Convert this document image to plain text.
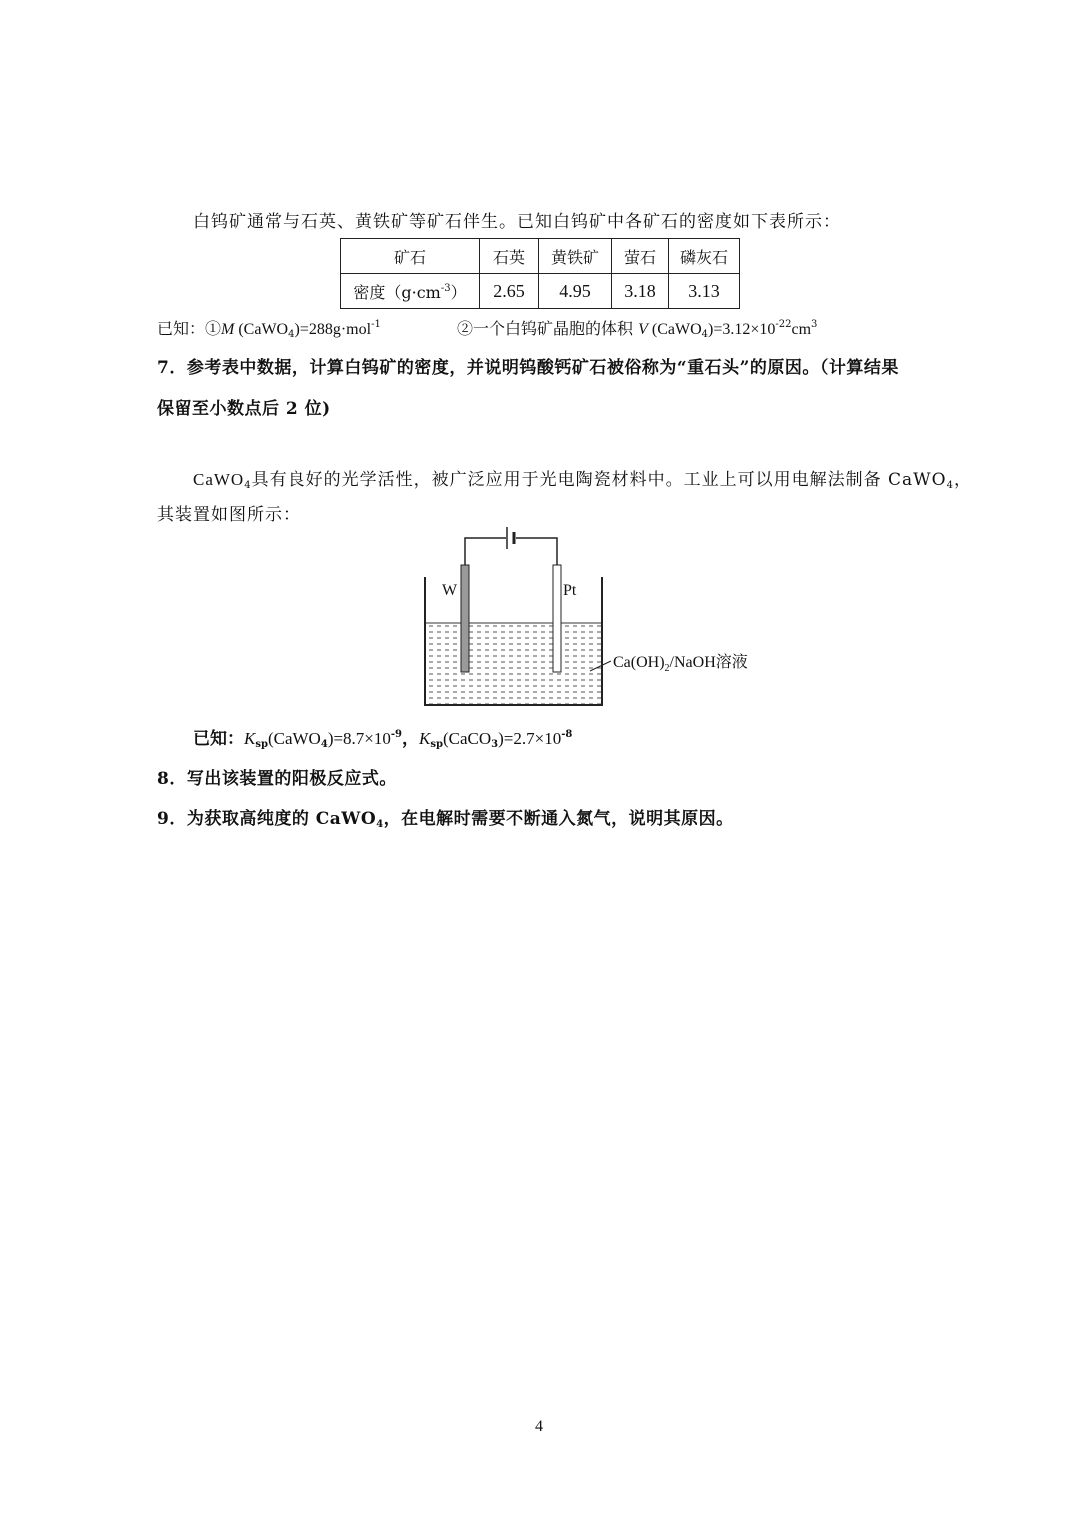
白钨矿通常与石英、黄铁矿等矿石伴生。已知白钨矿中各矿石的密度如下表所示：
矿石	石英	黄铁矿	萤石	磷灰石
密度$(g\cdot cm^{-3})$	2.65	4.95	3.18	3.13
已知：①M (CaWO$_4$)=288g·mol$^{-1}$	②一个白钨矿晶胞的体积 V $(CaWO_4)=3.12\times 10^{-22}cm^3$
7．参考表中数据，计算白钨矿的密度，并说明钨酸钙矿石被俗称为“重石头”的原因。（计算结果
保留至小数点后 2 位)
CaWO$_4$具有良好的光学活性，被广泛应用于光电陶瓷材料中。工业上可以用电解法制备 CaWO$_4$，
其装置如图所示：
W	Pt
$Ca(OH)_2$/NaOH溶液
已知：$K_{sp}(CaWO_4)=8.7\times 10^{-9}$，$K_{sp}(CaCO_3)=2.7\times 10^{-8}$
8．写出该装置的阳极反应式。
9．为获取高纯度的 CaWO$_4$，在电解时需要不断通入氮气，说明其原因。
4
